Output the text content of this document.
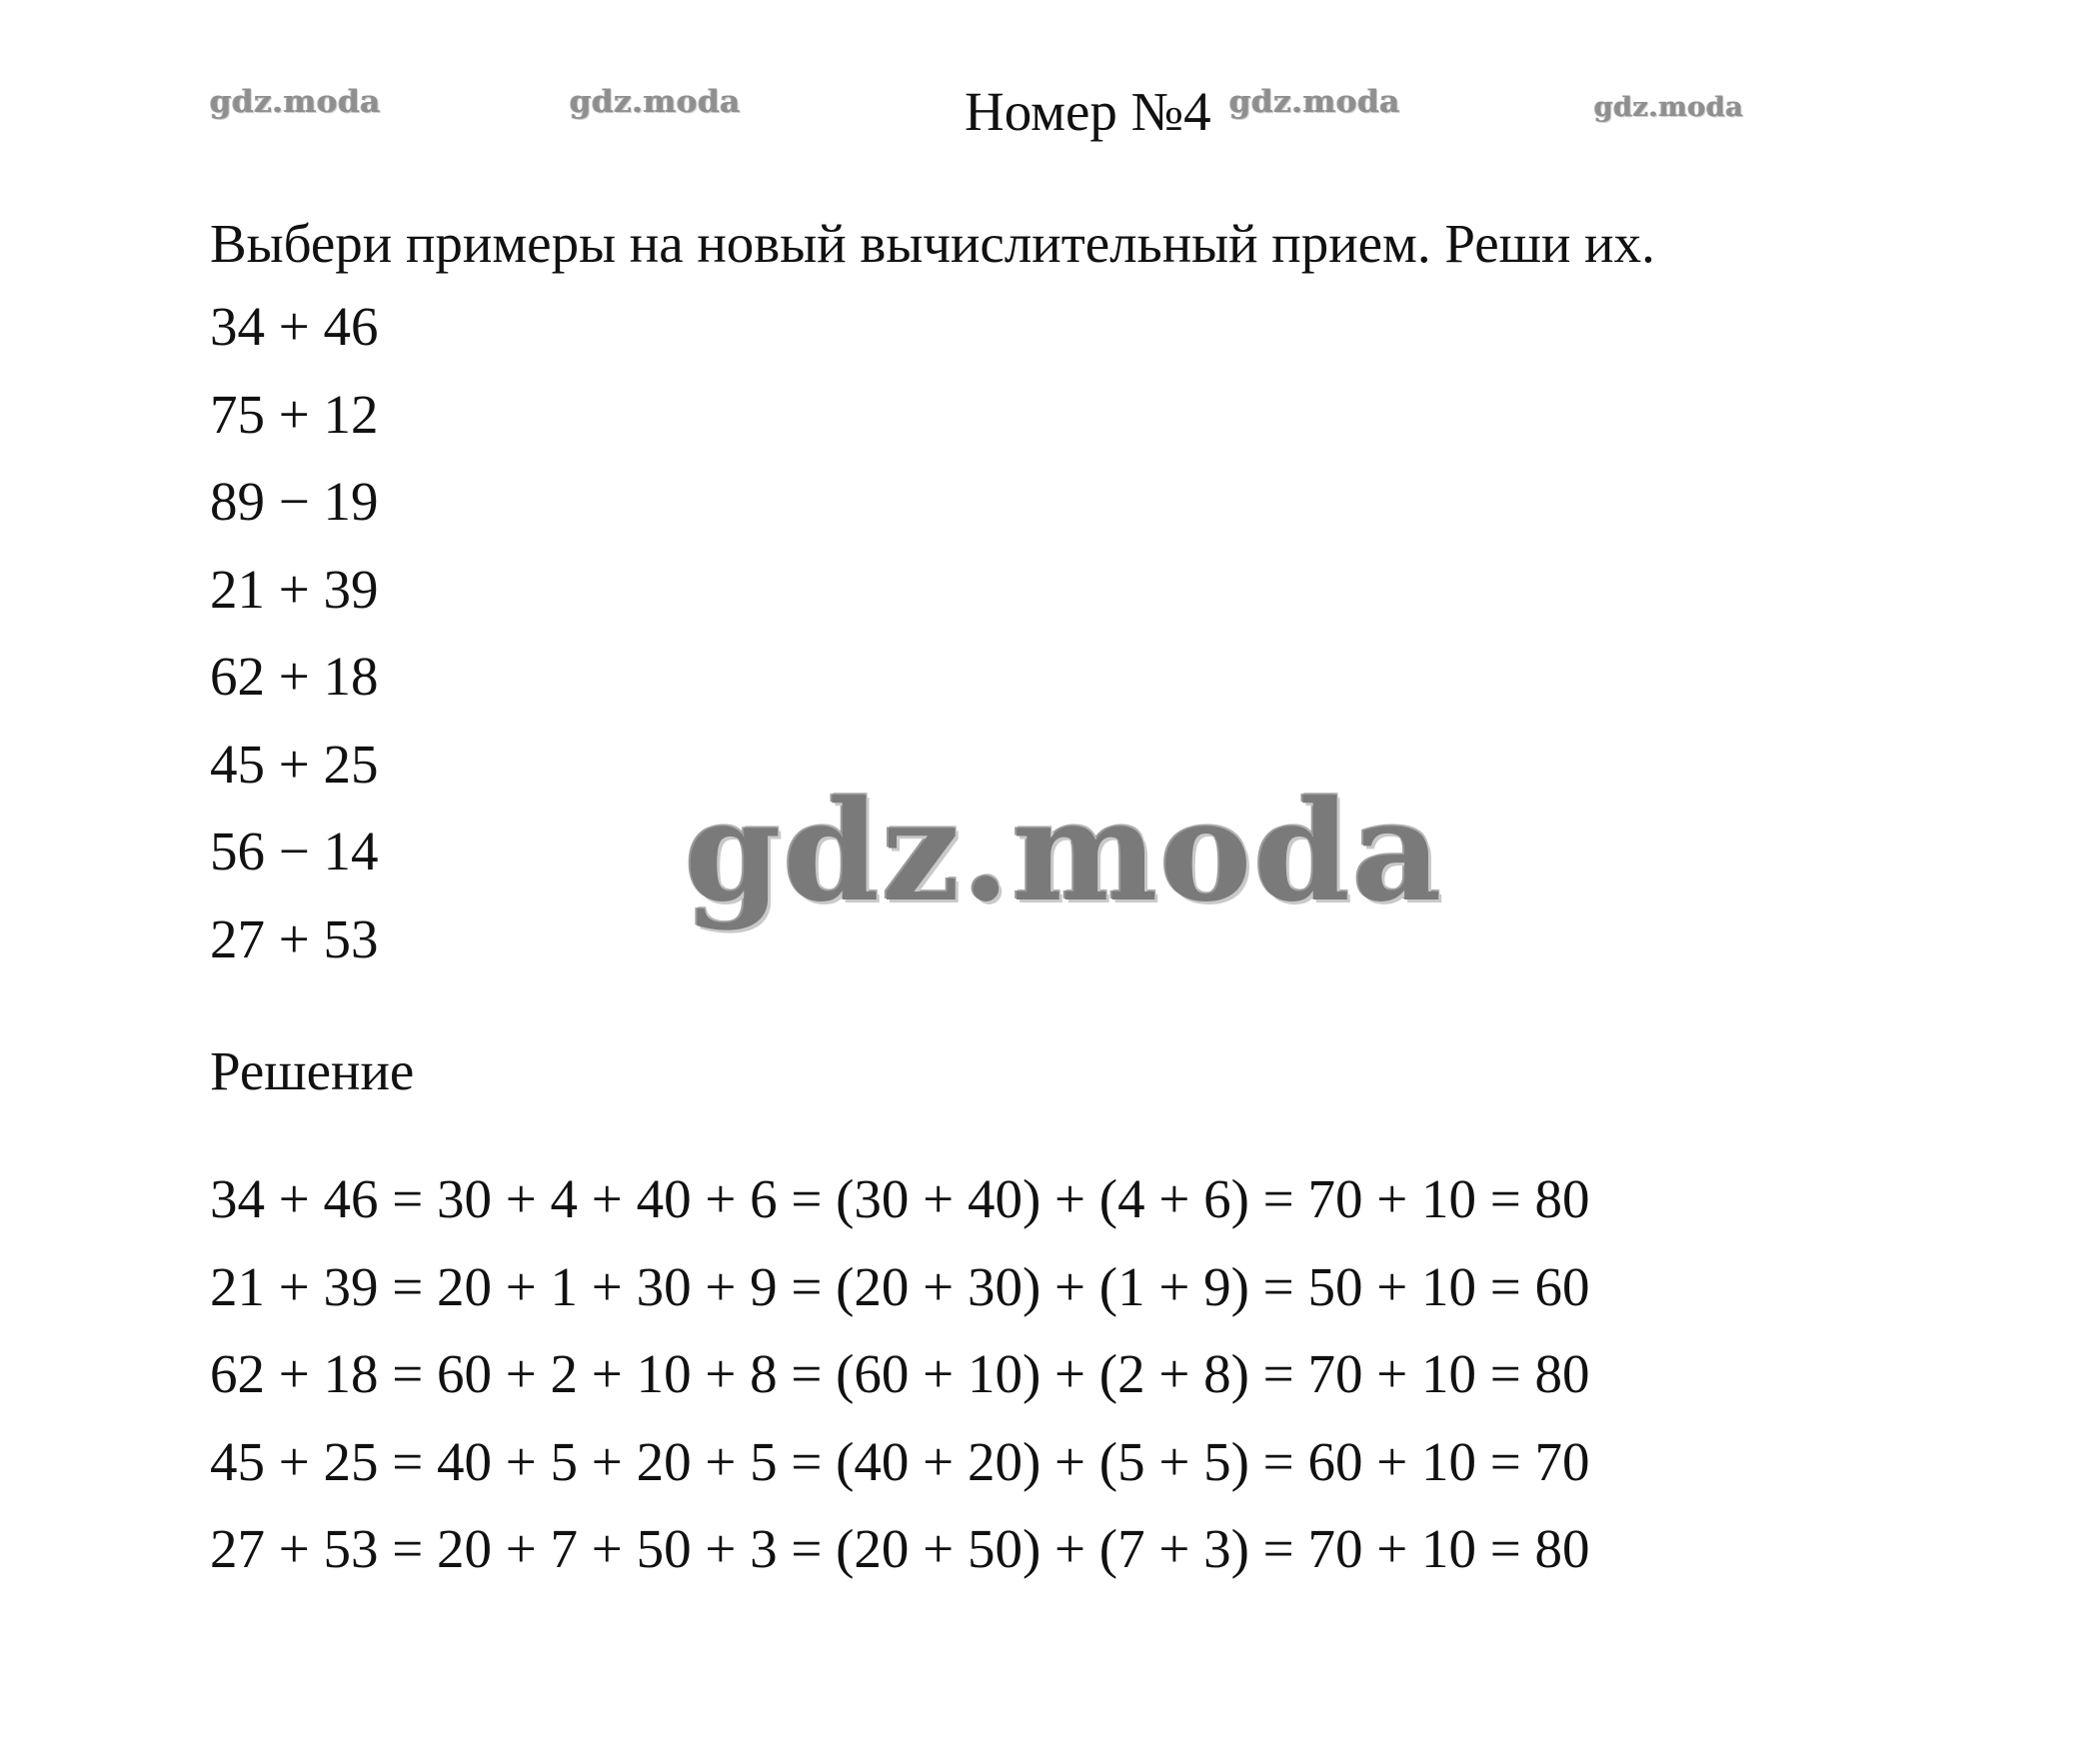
gdz.moda	gdz.moda	Номер №4 gdz.moda	gdz.moda
Выбери примеры на новый вычислительный прием. Реши их.
34 + 46
75 + 12
89 − 19
21 + 39
62 + 18
45 + 25
56 − 14
27 + 53
gdz.moda
Решение
34 + 46 = 30 + 4 + 40 + 6 = (30 + 40) + (4 + 6) = 70 + 10 = 80
21 + 39 = 20 + 1 + 30 + 9 = (20 + 30) + (1 + 9) = 50 + 10 = 60
62 + 18 = 60 + 2 + 10 + 8 = (60 + 10) + (2 + 8) = 70 + 10 = 80
45 + 25 = 40 + 5 + 20 + 5 = (40 + 20) + (5 + 5) = 60 + 10 = 70
27 + 53 = 20 + 7 + 50 + 3 = (20 + 50) + (7 + 3) = 70 + 10 = 80
